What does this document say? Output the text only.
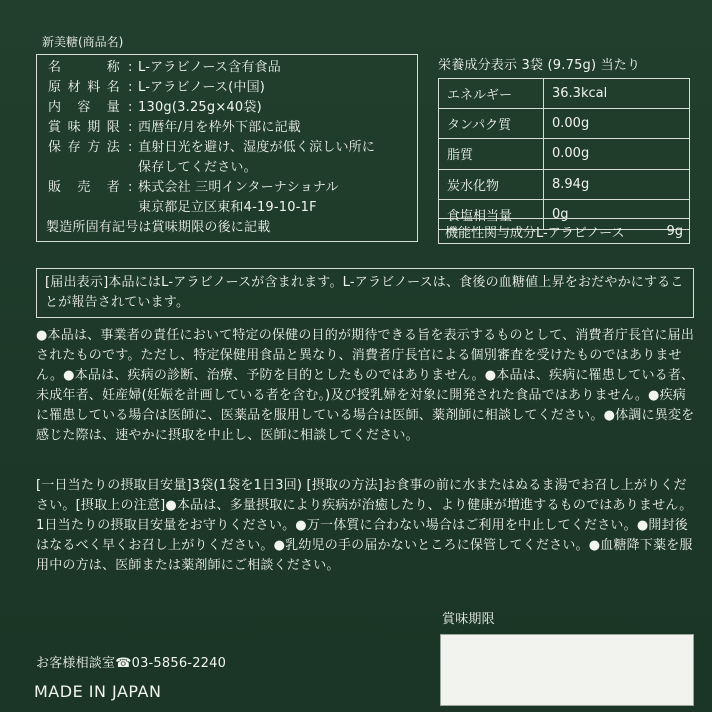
新美糖(商品名)
名　　称 : L-アラビノース含有食品
原材料名 : L-アラビノース(中国)
内 容 量 : 130g(3.25g×40袋)
賞味期限 : 西暦年/月を枠外下部に記載
保存方法 : 直射日光を避け、湿度が低く涼しい所に
保存してください。
販 売 者 : 株式会社 三明インターナショナル
東京都足立区東和4-19-10-1F
製造所固有記号は賞味期限の後に記載
栄養成分表示 3袋 (9.75g) 当たり
エネルギー	36.3kcal
タンパク質	0.00g
脂質	0.00g
炭水化物	8.94g
食塩相当量	0g
機能性関与成分L-アラビノース	9g
[届出表示]本品にはL-アラビノースが含まれます。L-アラビノースは、食後の血糖値上昇をおだやかにすることが報告されています。
●本品は、事業者の責任において特定の保健の目的が期待できる旨を表示するものとして、消費者庁長官に届出されたものです。ただし、特定保健用食品と異なり、消費者庁長官による個別審査を受けたものではありません。●本品は、疾病の診断、治療、予防を目的としたものではありません。●本品は、疾病に罹患している者、未成年者、妊産婦(妊娠を計画している者を含む。)及び授乳婦を対象に開発された食品ではありません。●疾病に罹患している場合は医師に、医薬品を服用している場合は医師、薬剤師に相談してください。●体調に異変を感じた際は、速やかに摂取を中止し、医師に相談してください。
[一日当たりの摂取目安量]3袋(1袋を1日3回) [摂取の方法]お食事の前に水またはぬるま湯でお召し上がりください。[摂取上の注意]●本品は、多量摂取により疾病が治癒したり、より健康が増進するものではありません。1日当たりの摂取目安量をお守りください。●万一体質に合わない場合はご利用を中止してください。●開封後はなるべく早くお召し上がりください。●乳幼児の手の届かないところに保管してください。●血糖降下薬を服用中の方は、医師または薬剤師にご相談ください。
賞味期限
お客様相談室☎03-5856-2240
MADE IN JAPAN
